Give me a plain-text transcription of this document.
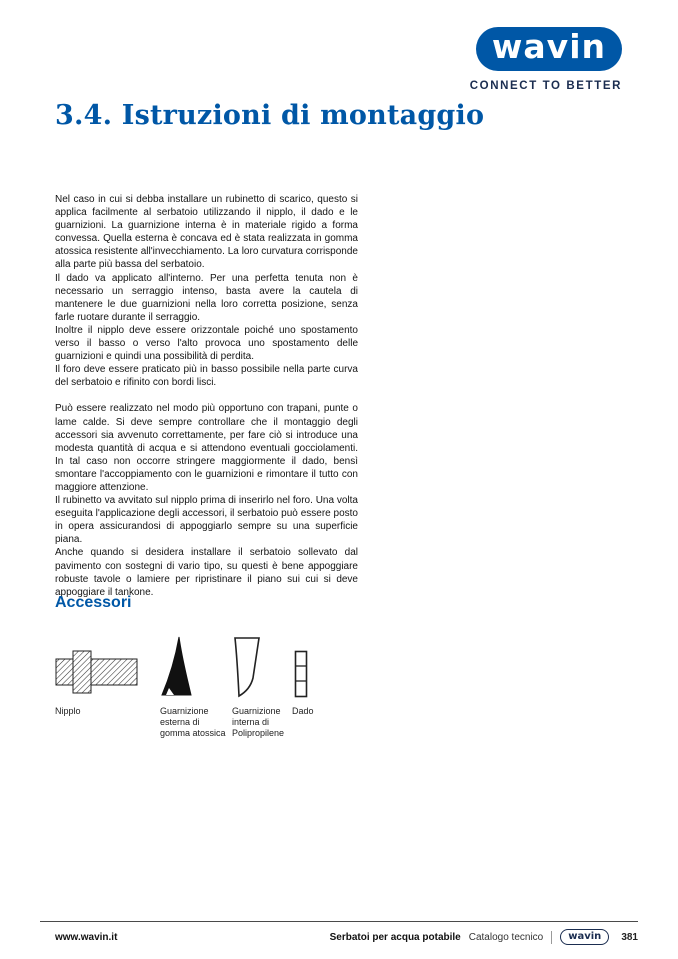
wavin
CONNECT TO BETTER
3.4. Istruzioni di montaggio

Nel caso in cui si debba installare un rubinetto di scarico, questo si applica facilmente al serbatoio utilizzando il nipplo, il dado e le guarnizioni. La guarnizione interna è in materiale rigido a forma convessa. Quella esterna è concava ed è stata realizzata in gomma atossica resistente all'invecchiamento. La loro curvatura corrisponde alla parte più bassa del serbatoio.

Il dado va applicato all'interno. Per una perfetta tenuta non è necessario un serraggio intenso, basta avere la cautela di mantenere le due guarnizioni nella loro corretta posizione, senza farle ruotare durante il serraggio.

Inoltre il nipplo deve essere orizzontale poiché uno spostamento verso il basso o verso l'alto provoca uno spostamento delle guarnizioni e quindi una possibilità di perdita.

Il foro deve essere praticato più in basso possibile nella parte curva del serbatoio e rifinito con bordi lisci.

Può essere realizzato nel modo più opportuno con trapani, punte o lame calde. Si deve sempre controllare che il montaggio degli accessori sia avvenuto correttamente, per fare ciò si introduce una modesta quantità di acqua e si attendono eventuali gocciolamenti. In tal caso non occorre stringere maggiormente il dado, bensì smontare l'accoppiamento con le guarnizioni e rimontare il tutto con maggiore attenzione.

Il rubinetto va avvitato sul nipplo prima di inserirlo nel foro. Una volta eseguita l'applicazione degli accessori, il serbatoio può essere posto in opera assicurandosi di appoggiarlo sempre su una superficie piana.

Anche quando si desidera installare il serbatoio sollevato dal pavimento con sostegni di vario tipo, su questi è bene appoggiare robuste tavole o lamiere per ripristinare il piano sui cui si deve appoggiare il tankone.

Accessori
Nipplo	Guarnizione esterna di gomma atossica
Guarnizione interna di Polipropilene
Dado
www.wavin.it	Serbatoi per acqua potabile Catalogo tecnico	wavin	381
